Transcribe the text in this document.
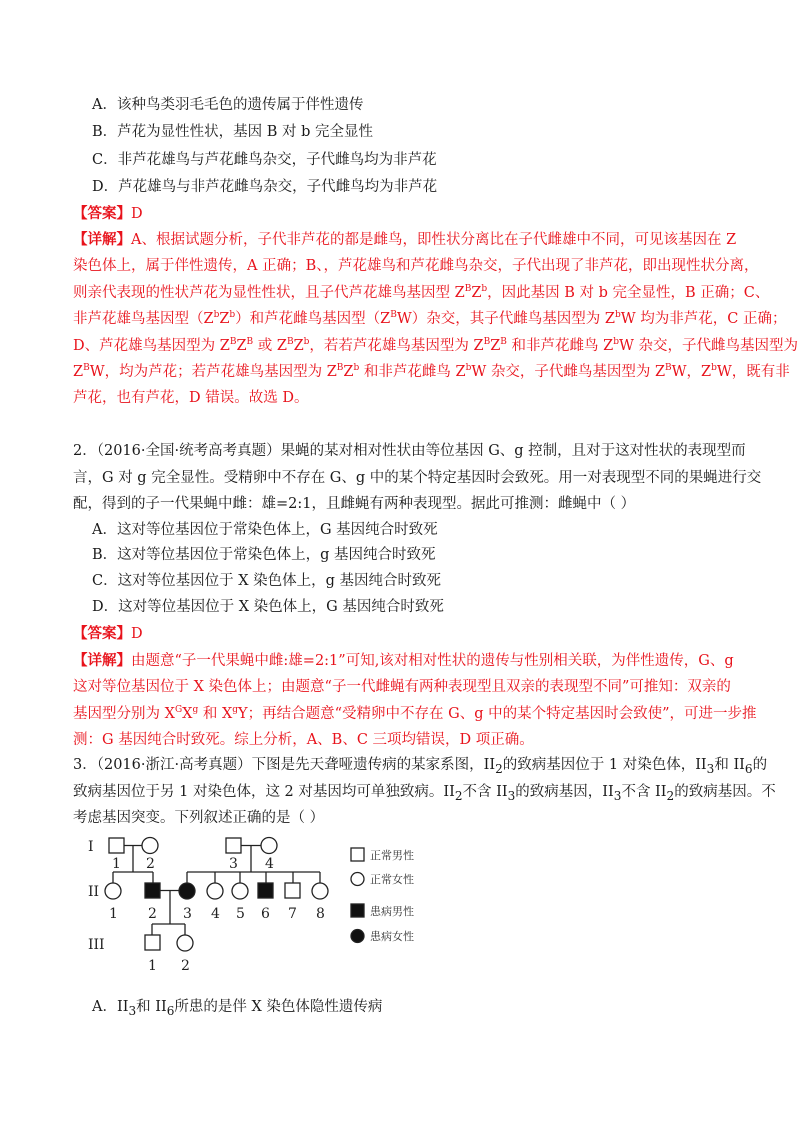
A．该种鸟类羽毛毛色的遗传属于伴性遗传
B．芦花为显性性状，基因 B 对 b 完全显性
C．非芦花雄鸟与芦花雌鸟杂交，子代雌鸟均为非芦花
D．芦花雄鸟与非芦花雌鸟杂交，子代雌鸟均为非芦花
【答案】D
【详解】A、根据试题分析，子代非芦花的都是雌鸟，即性状分离比在子代雌雄中不同，可见该基因在 Z
染色体上，属于伴性遗传，A 正确；B、，芦花雄鸟和芦花雌鸟杂交，子代出现了非芦花，即出现性状分离，
则亲代表现的性状芦花为显性性状，且子代芦花雄鸟基因型 $Z^BZ^b$，因此基因 B 对 b 完全显性，B 正确；C、
非芦花雄鸟基因型$(Z^bZ^b)$和芦花雌鸟基因型$(Z^BW)$杂交，其子代雌鸟基因型为 $Z^bW$ 均为非芦花，C 正确；
D、芦花雄鸟基因型为 $Z^BZ^B$ 或 $Z^BZ^b$，若若芦花雄鸟基因型为 $Z^BZ^B$ 和非芦花雌鸟 $Z^bW$ 杂交，子代雌鸟基因型为
$Z^BW$，均为芦花；若芦花雄鸟基因型为 $Z^BZ^b$ 和非芦花雌鸟 $Z^bW$ 杂交，子代雌鸟基因型为 $Z^BW$，$Z^bW$，既有非
芦花，也有芦花，D 错误。故选 D。
2．（2016·全国·统考高考真题）果蝇的某对相对性状由等位基因 G、g 控制，且对于这对性状的表现型而
言，G 对 g 完全显性。受精卵中不存在 G、g 中的某个特定基因时会致死。用一对表现型不同的果蝇进行交
配，得到的子一代果蝇中雌：雄=2:1，且雌蝇有两种表现型。据此可推测：雌蝇中（ ）
A．这对等位基因位于常染色体上，G 基因纯合时致死
B．这对等位基因位于常染色体上，g 基因纯合时致死
C．这对等位基因位于 X 染色体上，g 基因纯合时致死
D．这对等位基因位于 X 染色体上，G 基因纯合时致死
【答案】D
【详解】由题意“子一代果蝇中雌:雄=2:1”可知,该对相对性状的遗传与性别相关联，为伴性遗传，G、g
这对等位基因位于 X 染色体上；由题意“子一代雌蝇有两种表现型且双亲的表现型不同”可推知：双亲的
基因型分别为 $X^GX^g$ 和 $X^gY$；再结合题意“受精卵中不存在 G、g 中的某个特定基因时会致使”，可进一步推
测：G 基因纯合时致死。综上分析，A、B、C 三项均错误，D 项正确。
3．（2016·浙江·高考真题）下图是先天聋哑遗传病的某家系图，$II_2$的致病基因位于 1 对染色体，$II_3$和 $II_6$的
致病基因位于另 1 对染色体，这 2 对基因均可单独致病。$II_2$不含 $II_3$的致病基因，$II_3$不含 $II_2$的致病基因。不
考虑基因突变。下列叙述正确的是（ ）
I
II
III
1 2	3 4
1 2 3 4 5 6 7 8
1 2
正常男性
正常女性
患病男性
患病女性
A．$II_3$和 $II_6$所患的是伴 X 染色体隐性遗传病
